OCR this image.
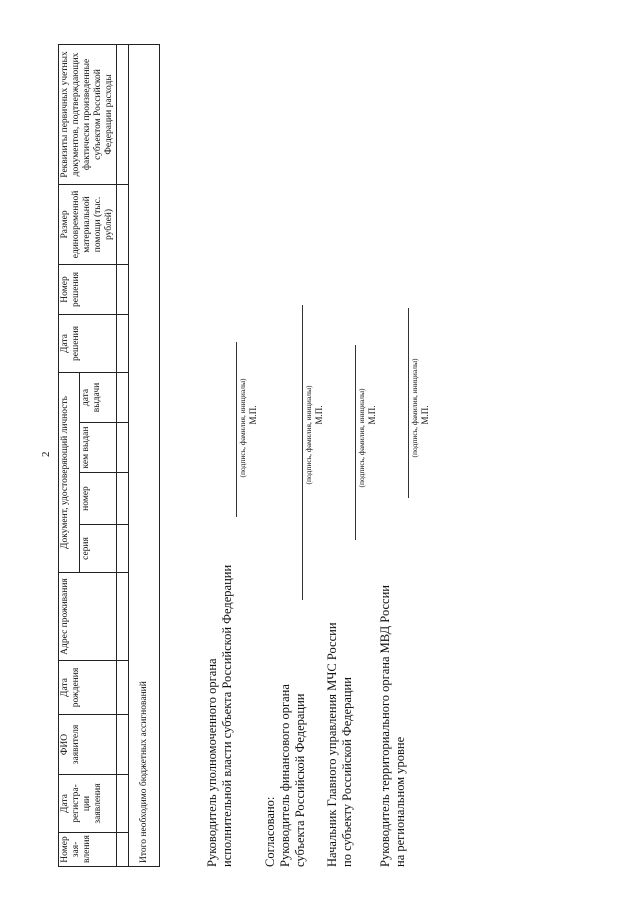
2
Номер зая-вления	Дата регистра-ции заявления	ФИО заявителя	Дата рождения	Адрес проживания	Документ, удостоверяющий личность				Дата решения	Номер решения	Размер единовременной материальной помощи (тыс. рублей)	Реквизиты первичных учетных документов, подтверждающих фактически произведенные субъектом Российской Федерации расходы
					серия	номер	кем выдан	дата выдачи				

Итого необходимо бюджетных ассигнований													Руководитель уполномоченного органа исполнительной власти субъекта Российской Федерации
(подпись, фамилия, инициалы) М.П.
Согласовано: Руководитель финансового органа субъекта Российской Федерации
(подпись, фамилия, инициалы) М.П.
Начальник Главного управления МЧС России по субъекту Российской Федерации
(подпись, фамилия, инициалы) М.П.
Руководитель территориального органа МВД России на региональном уровне
(подпись, фамилия, инициалы) М.П.
